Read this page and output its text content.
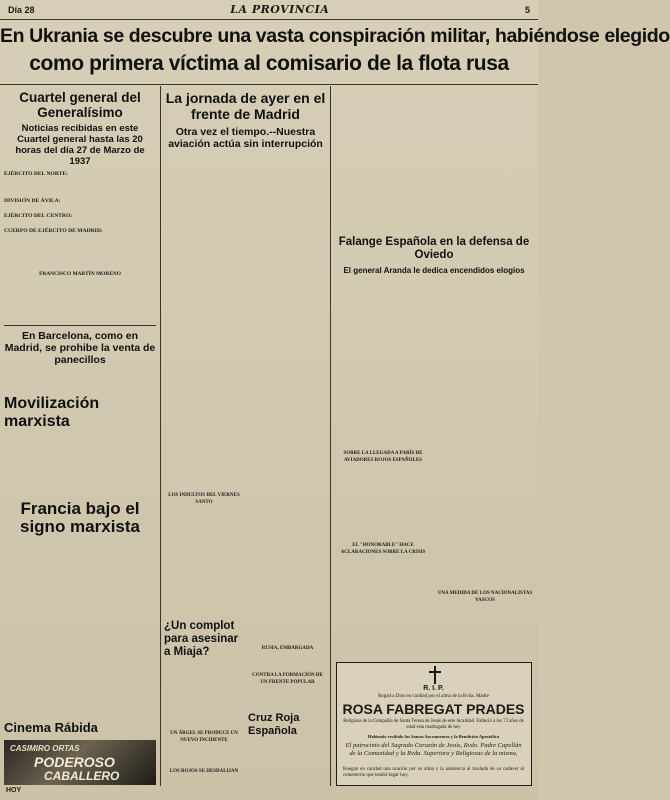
Día 28	LA PROVINCIA	5
En Ukrania se descubre una vasta conspiración militar, habiéndose elegido
como primera víctima al comisario de la flota rusa
Cuartel general del Generalísimo
Noticias recibidas en este Cuartel general hasta las 20 horas del día 27 de Marzo de 1937
EJÉRCITO DEL NORTE:
DIVISIÓN DE ÁVILA:
EJÉRCITO DEL CENTRO:
CUERPO DE EJÉRCITO DE MADRID:
FRANCISCO MARTÍN MORENO
En Barcelona, como en Madrid, se prohibe la venta de panecillos
Movilización marxista
Francia bajo el signo marxista
Cinema Rábida
CASIMIRO ORTAS
PODEROSO
CABALLERO
HOY
La jornada de ayer en el frente de Madrid
Otra vez el tiempo.--Nuestra aviación actúa sin interrupción
LOS INDULTOS DEL VIERNES SANTO
¿Un complot para asesinar a Miaja?
UN ÁRGEL SE PRODUCE UN NUEVO INCIDENTE
LOS ROJOS SE DESDALIJAN
RUSIA, EMBARGADA
CONTRA LA FORMACIÓN DE UN FRENTE POPULAR
Cruz Roja Española
Falange Española en la defensa de Oviedo
El general Aranda le dedica encendidos elogios
SOBRE LA LLEGADA A PARÍS DE AVIADORES ROJOS ESPAÑOLES
EL "HONORABLE" HACE ACLARACIONES SOBRE LA CRISIS
UNA MEDIDA DE LOS NACIONALISTAS VASCOS
R. I. P.
Rogad a Dios en caridad por el alma de la Rvda. Madre
ROSA FABREGAT PRADES
Religiosa de la Compañía de Santa Teresa de Jesús de este localidad. Falleció a los 73 años de edad esta madrugada de hoy
Habiendo recibido los Santos Sacramentos y la Bendición Apostólica
El patrocinio del Sagrado Corazón de Jesús, Rvdo. Padre Capellán de la Comunidad y la Rvda. Superiora y Religiosas de la misma,
Ruegan en caridad una oración por su alma y la asistencia al traslado de su cadáver al cementerio que tendrá lugar hoy.
